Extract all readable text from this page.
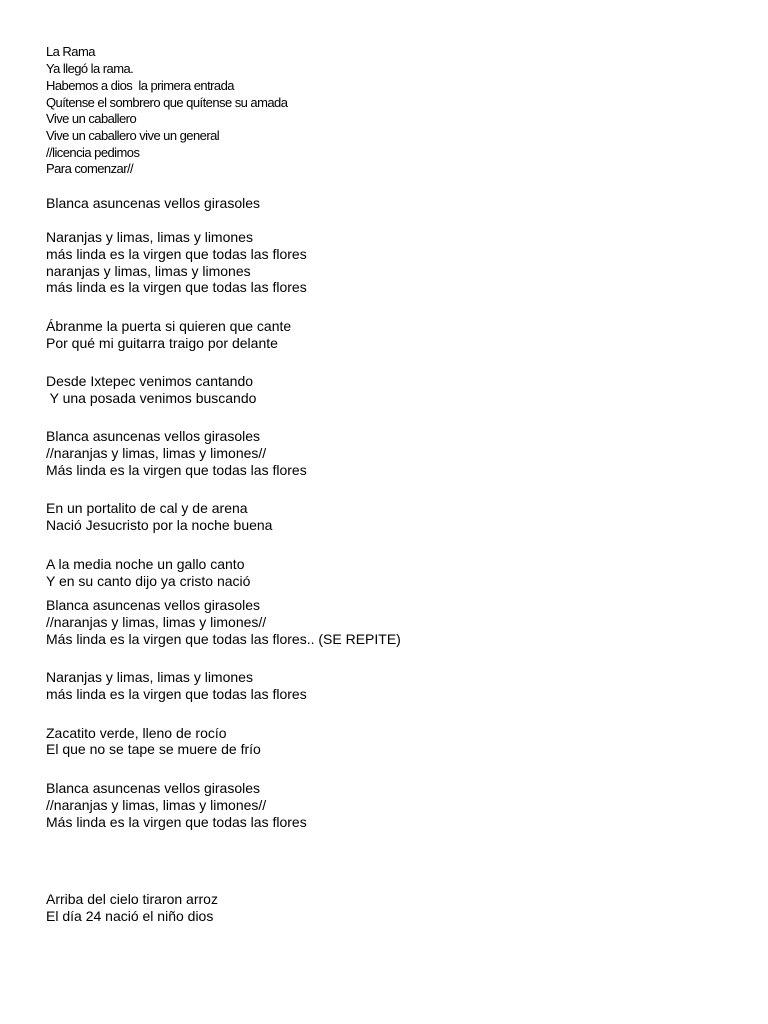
La Rama

Ya llegó la rama.

Habemos a dios  la primera entrada

Quítense el sombrero que quítense su amada

Vive un caballero

Vive un caballero vive un general

//licencia pedimos

Para comenzar//

Blanca asuncenas vellos girasoles

Naranjas y limas, limas y limones

más linda es la virgen que todas las flores

naranjas y limas, limas y limones

más linda es la virgen que todas las flores

Ábranme la puerta si quieren que cante

Por qué mi guitarra traigo por delante

Desde Ixtepec venimos cantando

Y una posada venimos buscando

Blanca asuncenas vellos girasoles

//naranjas y limas, limas y limones//

Más linda es la virgen que todas las flores

En un portalito de cal y de arena

Nació Jesucristo por la noche buena

A la media noche un gallo canto

Y en su canto dijo ya cristo nació

Blanca asuncenas vellos girasoles

//naranjas y limas, limas y limones//

Más linda es la virgen que todas las flores.. (SE REPITE)

Naranjas y limas, limas y limones

más linda es la virgen que todas las flores

Zacatito verde, lleno de rocío

El que no se tape se muere de frío

Blanca asuncenas vellos girasoles

//naranjas y limas, limas y limones//

Más linda es la virgen que todas las flores

Arriba del cielo tiraron arroz

El día 24 nació el niño dios
